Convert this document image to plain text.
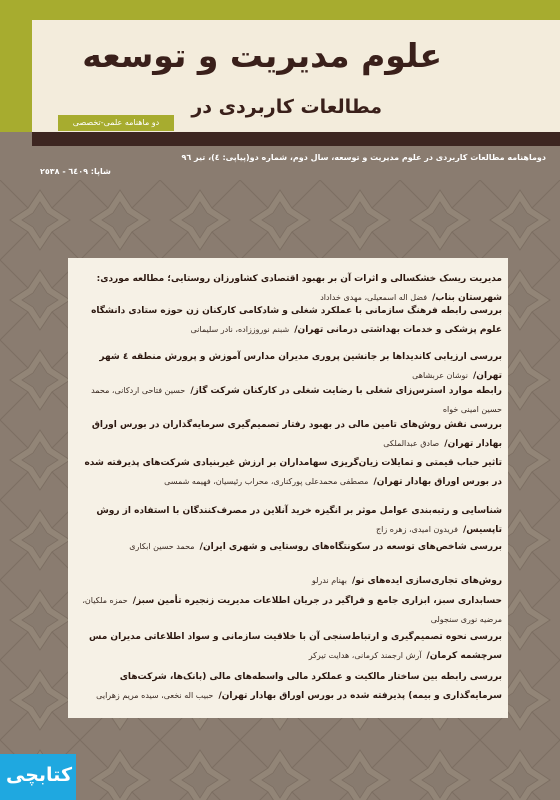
علوم مدیریت و توسعه
مطالعات کاربردی در
دو ماهنامه علمی-تخصصی
دوماهنامه مطالعات کاربردی در علوم مدیریت و توسعه، سال دوم، شماره دو(پیاپی: ٤)، تیر ٩٦
شاپا: ٦٤٠٩ - ٢٥٣٨
مدیریت ریسک خشکسالی و اثرات آن بر بهبود اقتصادی کشاورزان روستایی؛ مطالعه موردی: شهرستان بناب/ فضل اله اسمعیلی، مهدی خداداد
بررسی رابطه فرهنگ سازمانی با عملکرد شغلی و شادکامی کارکنان زن حوزه ستادی دانشگاه علوم پزشکی و خدمات بهداشتی درمانی تهران/ شبنم نوروززاده، نادر سلیمانی
بررسی ارزیابی کاندیداها بر جانشین پروری مدیران مدارس آموزش و پرورش منطقه ٤ شهر تهران/ نوشان عربشاهی
رابطه موارد استرس‌زای شغلی با رضایت شغلی در کارکنان شرکت گاز/ حسین فتاحی اردکانی، محمد حسین امینی خواه
بررسی نقش روش‌های تامین مالی در بهبود رفتار تصمیم‌گیری سرمایه‌گذاران در بورس اوراق بهادار تهران/ صادق عبدالملکی
تاثیر حباب قیمتی و تمایلات زیان‌گریزی سهامداران بر ارزش غیربنیادی شرکت‌های پذیرفته شده در بورس اوراق بهادار تهران/ مصطفی محمدعلی پورکناری، محراب رئیسیان، فهیمه شمسی
شناسایی و رتبه‌بندی عوامل موثر بر انگیزه خرید آنلاین در مصرف‌کنندگان با استفاده از روش تاپسیس/ فریدون امیدی، زهره زاج
بررسی شاخص‌های توسعه در سکونتگاه‌های روستایی و شهری ایران/ محمد حسین ابکاری
روش‌های تجاری‌سازی ایده‌های نو/ بهنام ندرلو
حسابداری سبز، ابزاری جامع و فراگیر در جریان اطلاعات مدیریت زنجیره تأمین سبز/ حمزه ملکیان، مرضیه نوری سنجولی
بررسی نحوه تصمیم‌گیری و ارتباط‌سنجی آن با خلاقیت سازمانی و سواد اطلاعاتی مدیران مس سرچشمه کرمان/ آرش ارجمند کرمانی، هدایت تیرکر
بررسی رابطه بین ساختار مالکیت و عملکرد مالی واسطه‌های مالی (بانک‌ها، شرکت‌های سرمایه‌گذاری و بیمه) پذیرفته شده در بورس اوراق بهادار تهران/ حبیب اله نخعی، سیده مریم زهرایی
کتابچی
